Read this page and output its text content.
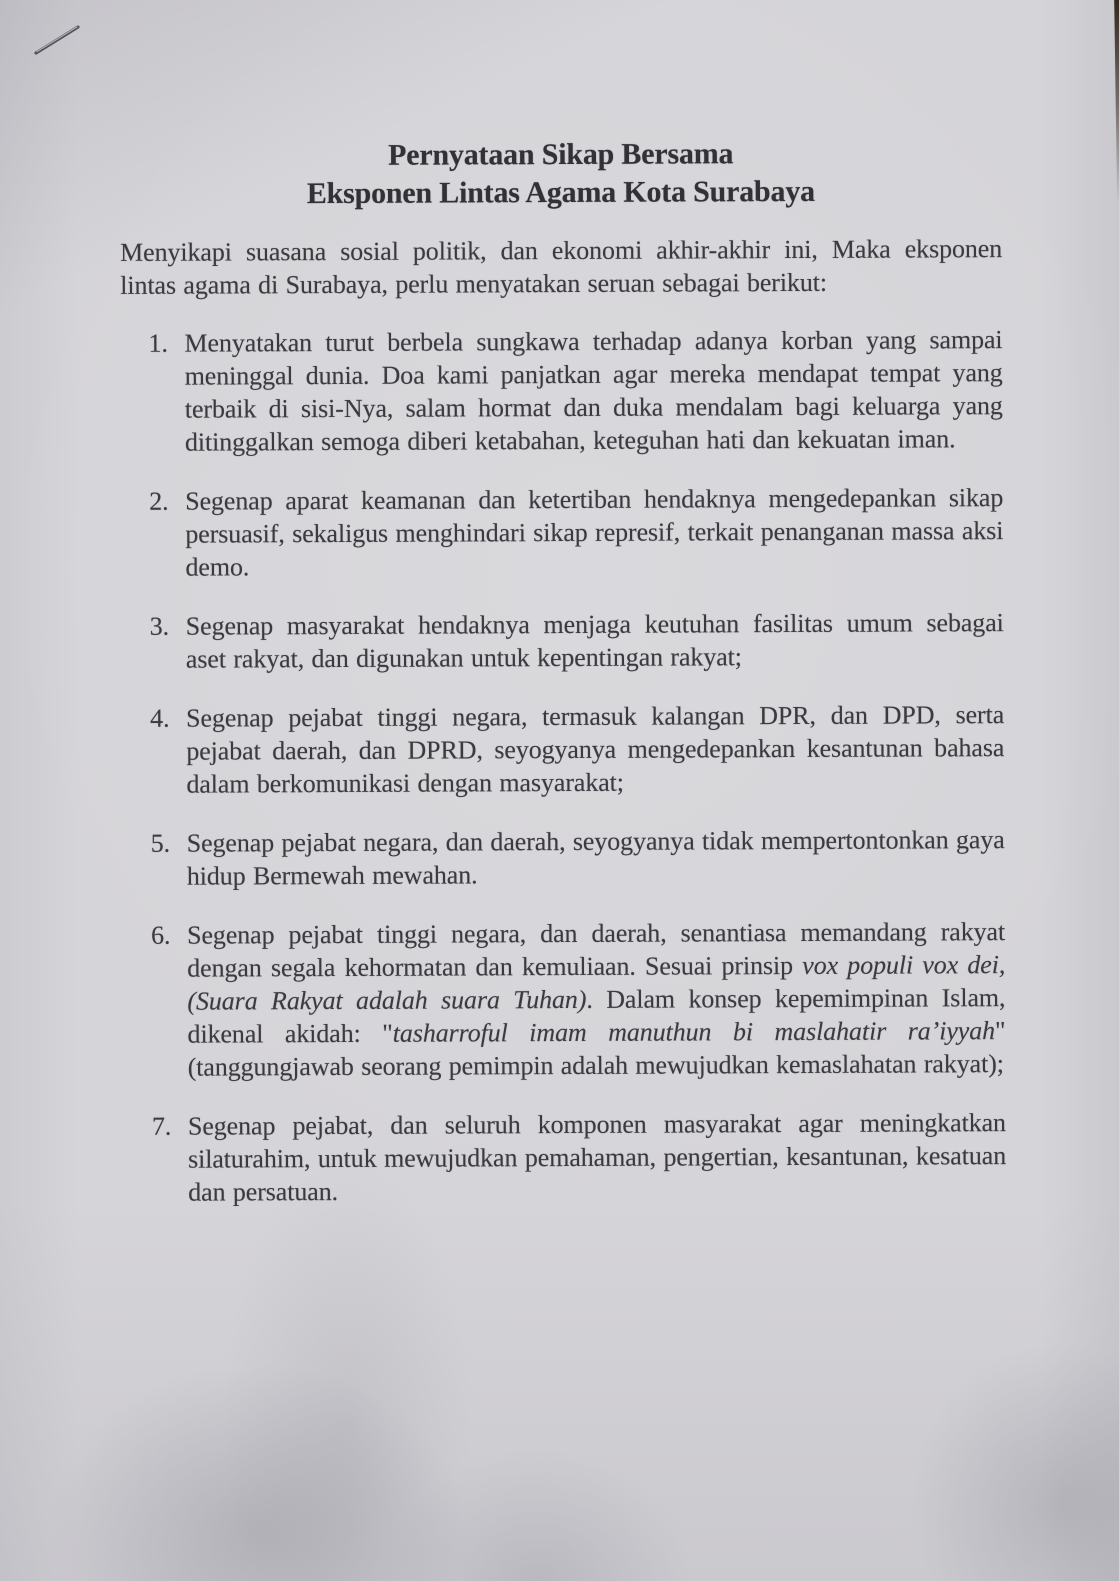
Pernyataan Sikap Bersama
Eksponen Lintas Agama Kota Surabaya

Menyikapi suasana sosial politik, dan ekonomi akhir-akhir ini, Maka eksponen lintas agama di Surabaya, perlu menyatakan seruan sebagai berikut:

1. Menyatakan turut berbela sungkawa terhadap adanya korban yang sampai meninggal dunia. Doa kami panjatkan agar mereka mendapat tempat yang terbaik di sisi-Nya, salam hormat dan duka mendalam bagi keluarga yang ditinggalkan semoga diberi ketabahan, keteguhan hati dan kekuatan iman.
2. Segenap aparat keamanan dan ketertiban hendaknya mengedepankan sikap persuasif, sekaligus menghindari sikap represif, terkait penanganan massa aksi demo.
3. Segenap masyarakat hendaknya menjaga keutuhan fasilitas umum sebagai aset rakyat, dan digunakan untuk kepentingan rakyat;
4. Segenap pejabat tinggi negara, termasuk kalangan DPR, dan DPD, serta pejabat daerah, dan DPRD, seyogyanya mengedepankan kesantunan bahasa dalam berkomunikasi dengan masyarakat;
5. Segenap pejabat negara, dan daerah, seyogyanya tidak mempertontonkan gaya hidup Bermewah mewahan.
6. Segenap pejabat tinggi negara, dan daerah, senantiasa memandang rakyat dengan segala kehormatan dan kemuliaan. Sesuai prinsip vox populi vox dei, (Suara Rakyat adalah suara Tuhan). Dalam konsep kepemimpinan Islam, dikenal akidah: "tasharroful imam manuthun bi maslahatir ra’iyyah" (tanggungjawab seorang pemimpin adalah mewujudkan kemaslahatan rakyat);
7. Segenap pejabat, dan seluruh komponen masyarakat agar meningkatkan silaturahim, untuk mewujudkan pemahaman, pengertian, kesantunan, kesatuan dan persatuan.
